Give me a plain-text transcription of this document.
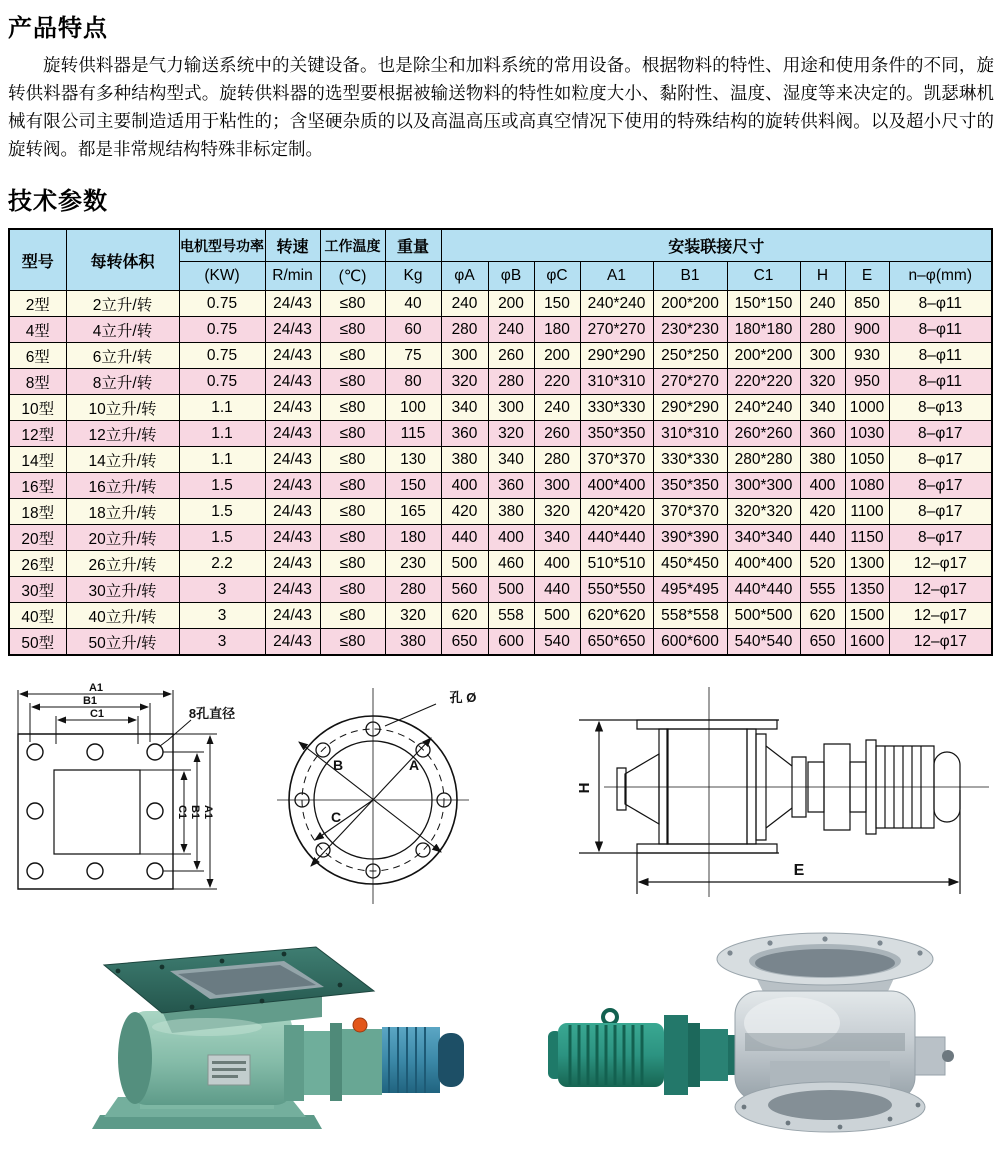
产品特点

旋转供料器是气力输送系统中的关键设备。也是除尘和加料系统的常用设备。根据物料的特性、用途和使用条件的不同，旋转供料器有多种结构型式。旋转供料器的选型要根据被输送物料的特性如粒度大小、黏附性、温度、湿度等来决定的。凯瑟琳机械有限公司主要制造适用于粘性的；含坚硬杂质的以及高温高压或高真空情况下使用的特殊结构的旋转供料阀。以及超小尺寸的旋转阀。都是非常规结构特殊非标定制。

技术参数
型号	每转体积	电机型号功率	转速	工作温度	重量	安装联接尺寸								
		(KW)	R/min	(℃)	Kg	φA	φB	φC	A1	B1	C1	H	E	n–φ(mm)
2型	2立升/转	0.75	24/43	≤80	40	240	200	150	240*240	200*200	150*150	240	850	8–φ11
4型	4立升/转	0.75	24/43	≤80	60	280	240	180	270*270	230*230	180*180	280	900	8–φ11
6型	6立升/转	0.75	24/43	≤80	75	300	260	200	290*290	250*250	200*200	300	930	8–φ11
8型	8立升/转	0.75	24/43	≤80	80	320	280	220	310*310	270*270	220*220	320	950	8–φ11
10型	10立升/转	1.1	24/43	≤80	100	340	300	240	330*330	290*290	240*240	340	1000	8–φ13
12型	12立升/转	1.1	24/43	≤80	115	360	320	260	350*350	310*310	260*260	360	1030	8–φ17
14型	14立升/转	1.1	24/43	≤80	130	380	340	280	370*370	330*330	280*280	380	1050	8–φ17
16型	16立升/转	1.5	24/43	≤80	150	400	360	300	400*400	350*350	300*300	400	1080	8–φ17
18型	18立升/转	1.5	24/43	≤80	165	420	380	320	420*420	370*370	320*320	420	1100	8–φ17
20型	20立升/转	1.5	24/43	≤80	180	440	400	340	440*440	390*390	340*340	440	1150	8–φ17
26型	26立升/转	2.2	24/43	≤80	230	500	460	400	510*510	450*450	400*400	520	1300	12–φ17
30型	30立升/转	3	24/43	≤80	280	560	500	440	550*550	495*495	440*440	555	1350	12–φ17
40型	40立升/转	3	24/43	≤80	320	620	558	500	620*620	558*558	500*500	620	1500	12–φ17
50型	50立升/转	3	24/43	≤80	380	650	600	540	650*650	600*600	540*540	650	1600	12–φ17
A1
B1
C1
C1 B1 A1
8孔直径
A
B
C
孔 Ø
H
E
